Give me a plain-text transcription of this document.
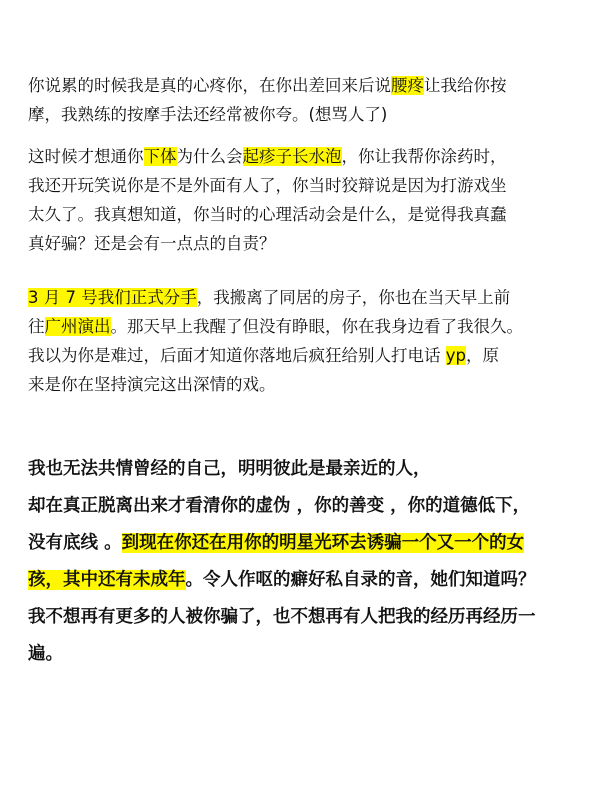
你说累的时候我是真的心疼你，在你出差回来后说腰疼让我给你按
摩，我熟练的按摩手法还经常被你夸。(想骂人了)
这时候才想通你下体为什么会起疹子长水泡，你让我帮你涂药时，
我还开玩笑说你是不是外面有人了，你当时狡辩说是因为打游戏坐
太久了。我真想知道，你当时的心理活动会是什么，是觉得我真蠢
真好骗？还是会有一点点的自责？
3 月 7 号我们正式分手，我搬离了同居的房子，你也在当天早上前
往广州演出。那天早上我醒了但没有睁眼，你在我身边看了我很久。
我以为你是难过，后面才知道你落地后疯狂给别人打电话 yp，原
来是你在坚持演完这出深情的戏。
我也无法共情曾经的自己，明明彼此是最亲近的人，
却在真正脱离出来才看清你的虚伪 ，你的善变 ，你的道德低下，
没有底线 。到现在你还在用你的明星光环去诱骗一个又一个的女
孩，其中还有未成年。令人作呕的癖好私自录的音，她们知道吗？
我不想再有更多的人被你骗了，也不想再有人把我的经历再经历一
遍。
